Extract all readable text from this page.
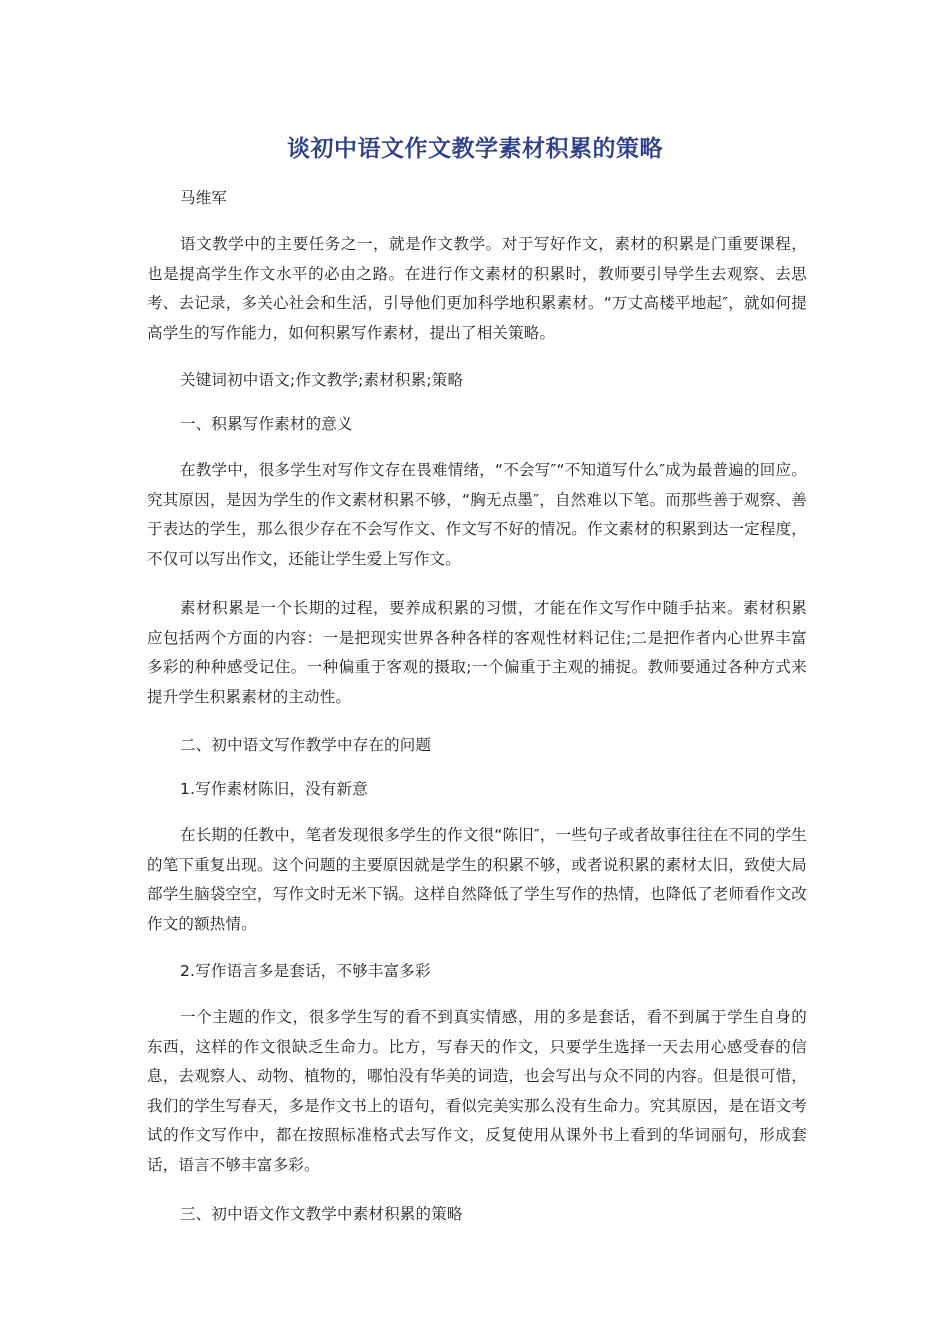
谈初中语文作文教学素材积累的策略

马维军

语文教学中的主要任务之一，就是作文教学。对于写好作文，素材的积累是门重要课程，也是提高学生作文水平的必由之路。在进行作文素材的积累时，教师要引导学生去观察、去思考、去记录，多关心社会和生活，引导他们更加科学地积累素材。“万丈高楼平地起″，就如何提高学生的写作能力，如何积累写作素材，提出了相关策略。

关键词初中语文;作文教学;素材积累;策略

一、积累写作素材的意义

在教学中，很多学生对写作文存在畏难情绪，“不会写″“不知道写什么″成为最普遍的回应。究其原因，是因为学生的作文素材积累不够，“胸无点墨″，自然难以下笔。而那些善于观察、善于表达的学生，那么很少存在不会写作文、作文写不好的情况。作文素材的积累到达一定程度，不仅可以写出作文，还能让学生爱上写作文。

素材积累是一个长期的过程，要养成积累的习惯，才能在作文写作中随手拈来。素材积累应包括两个方面的内容：一是把现实世界各种各样的客观性材料记住;二是把作者内心世界丰富多彩的种种感受记住。一种偏重于客观的摄取;一个偏重于主观的捕捉。教师要通过各种方式来提升学生积累素材的主动性。

二、初中语文写作教学中存在的问题

1.写作素材陈旧，没有新意

在长期的任教中，笔者发现很多学生的作文很“陈旧″，一些句子或者故事往往在不同的学生的笔下重复出现。这个问题的主要原因就是学生的积累不够，或者说积累的素材太旧，致使大局部学生脑袋空空，写作文时无米下锅。这样自然降低了学生写作的热情，也降低了老师看作文改作文的额热情。

2.写作语言多是套话，不够丰富多彩

一个主题的作文，很多学生写的看不到真实情感，用的多是套话，看不到属于学生自身的东西，这样的作文很缺乏生命力。比方，写春天的作文，只要学生选择一天去用心感受春的信息，去观察人、动物、植物的，哪怕没有华美的词造，也会写出与众不同的内容。但是很可惜，我们的学生写春天，多是作文书上的语句，看似完美实那么没有生命力。究其原因，是在语文考试的作文写作中，都在按照标准格式去写作文，反复使用从课外书上看到的华词丽句，形成套话，语言不够丰富多彩。

三、初中语文作文教学中素材积累的策略
